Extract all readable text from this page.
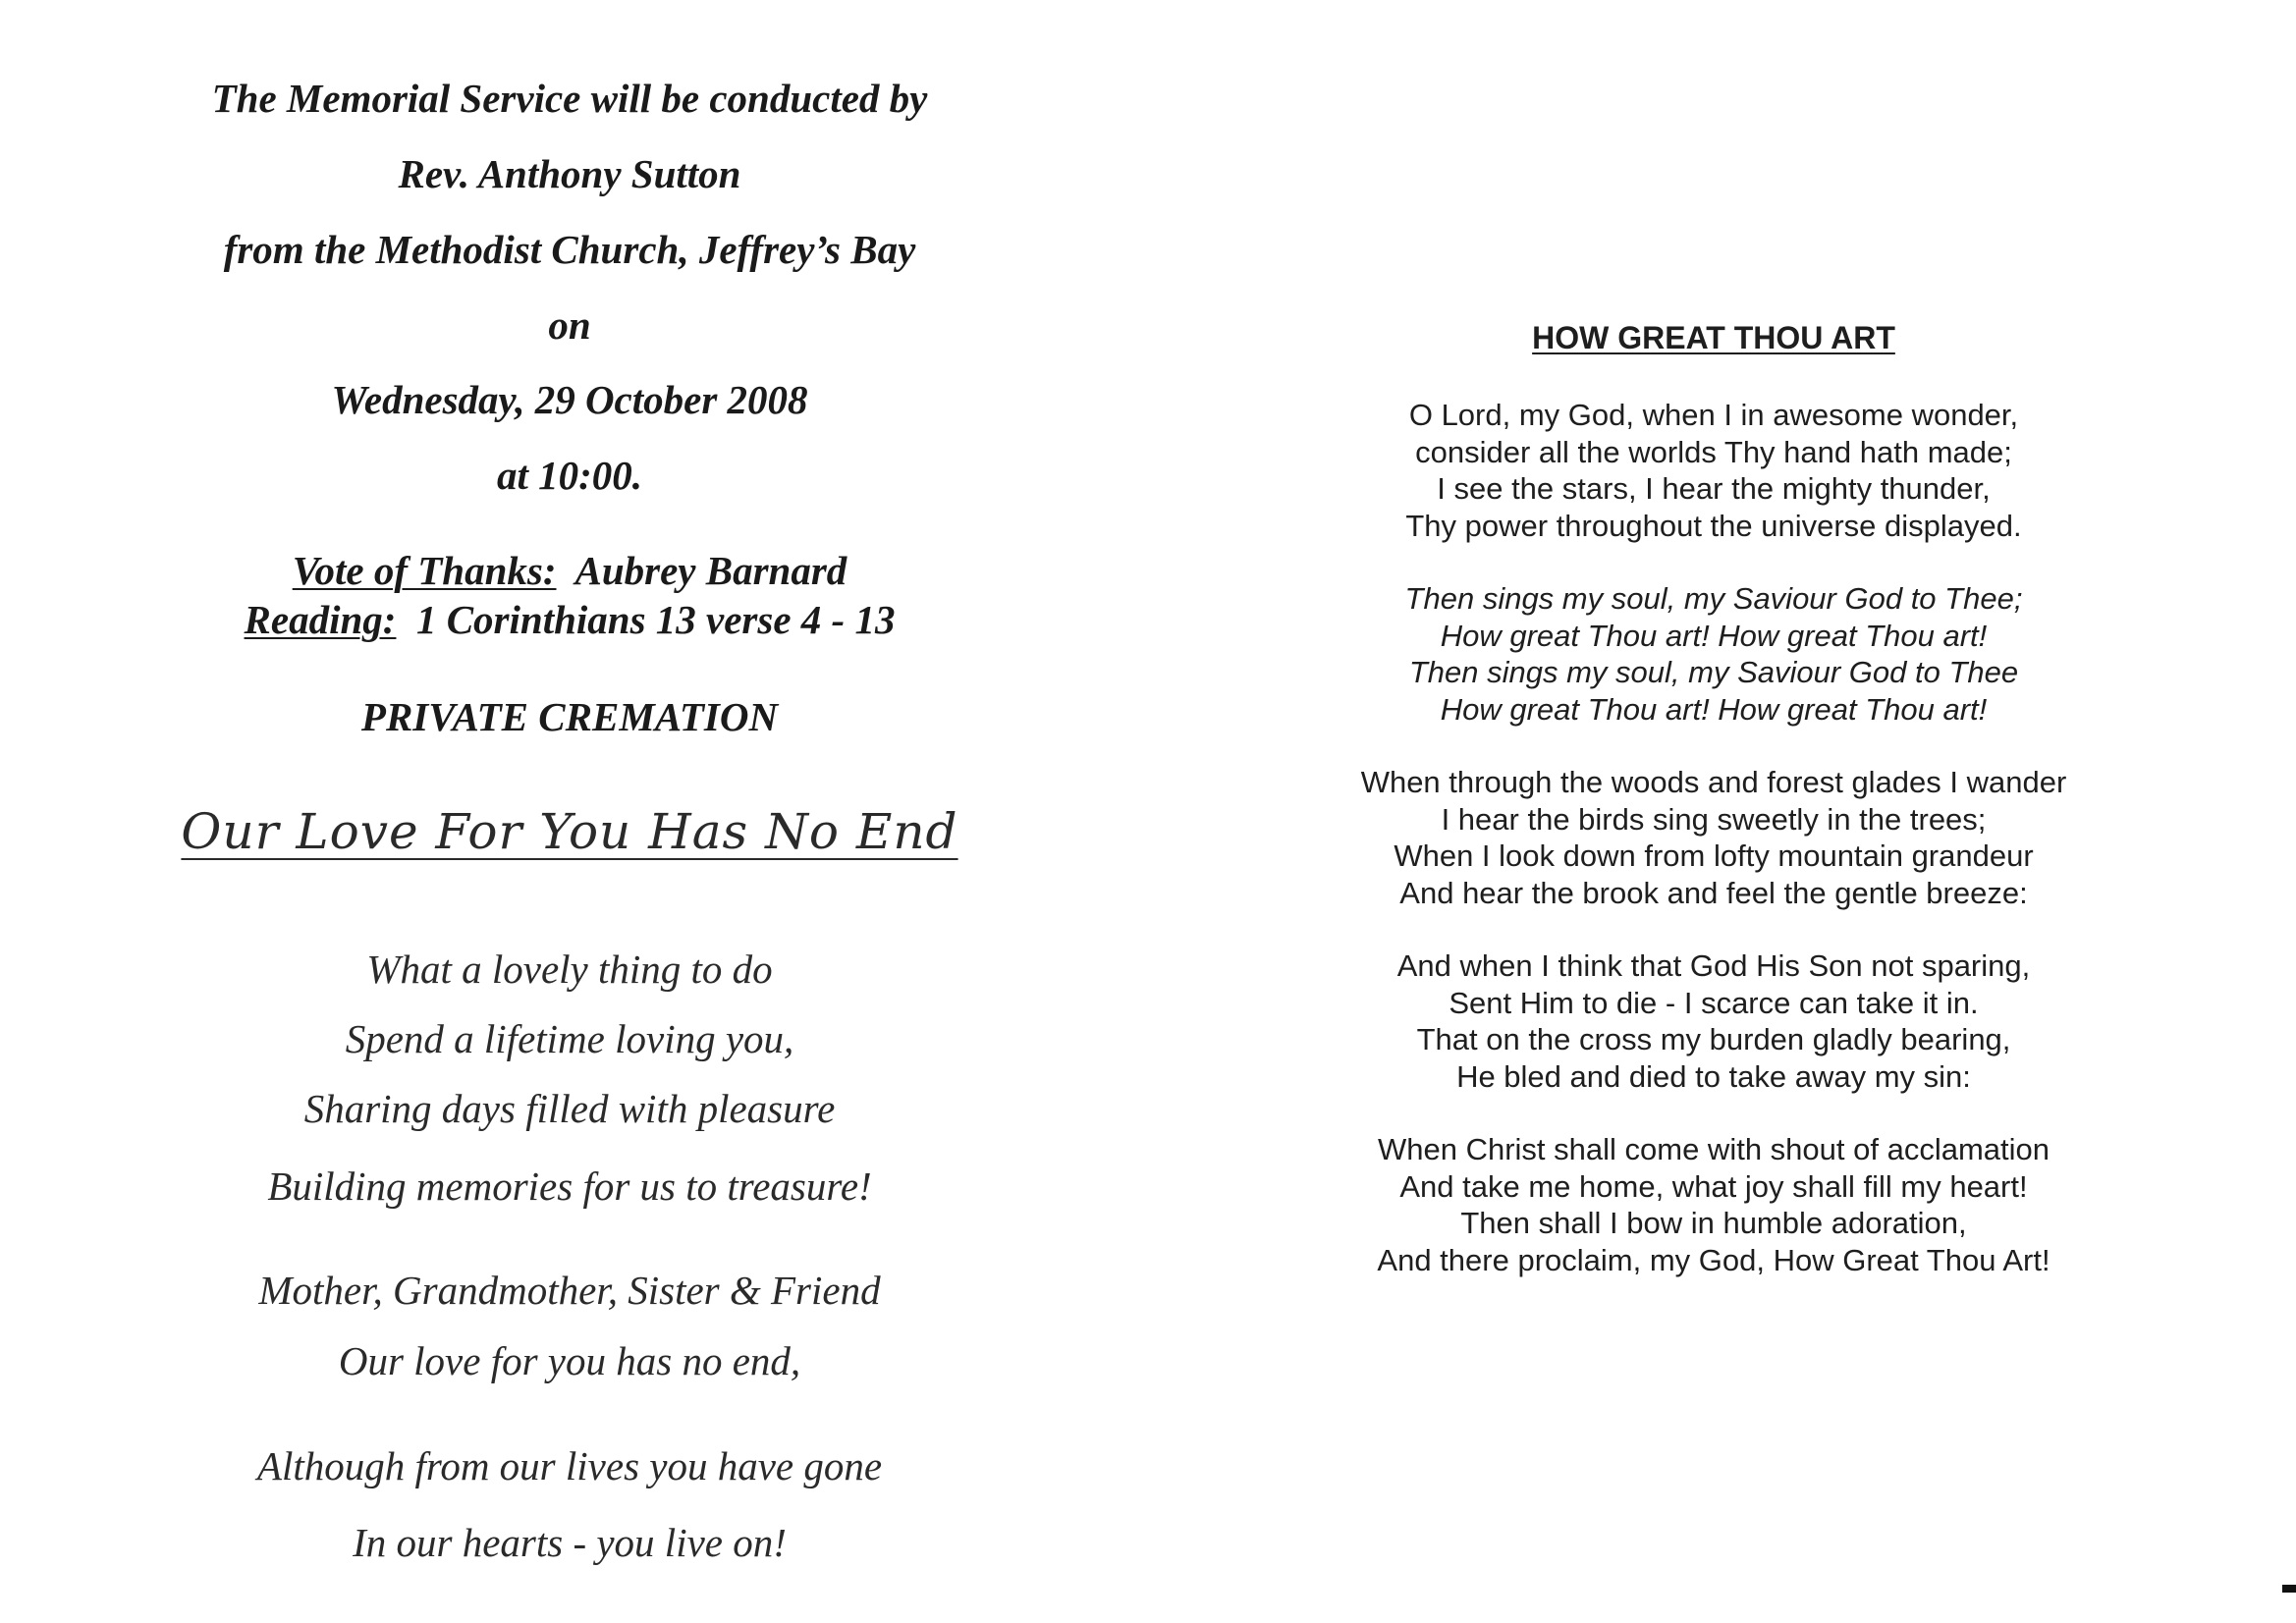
The Memorial Service will be conducted by
Rev. Anthony Sutton
from the Methodist Church, Jeffrey’s Bay
on
Wednesday, 29 October 2008
at 10:00.
Vote of Thanks: Aubrey Barnard
Reading: 1 Corinthians 13 verse 4 - 13
PRIVATE CREMATION
Our Love For You Has No End
What a lovely thing to do
Spend a lifetime loving you,
Sharing days filled with pleasure
Building memories for us to treasure!
Mother, Grandmother, Sister & Friend
Our love for you has no end,
Although from our lives you have gone
In our hearts - you live on!
HOW GREAT THOU ART
O Lord, my God, when I in awesome wonder,
consider all the worlds Thy hand hath made;
I see the stars, I hear the mighty thunder,
Thy power throughout the universe displayed.
Then sings my soul, my Saviour God to Thee;
How great Thou art! How great Thou art!
Then sings my soul, my Saviour God to Thee
How great Thou art! How great Thou art!
When through the woods and forest glades I wander
I hear the birds sing sweetly in the trees;
When I look down from lofty mountain grandeur
And hear the brook and feel the gentle breeze:
And when I think that God His Son not sparing,
Sent Him to die - I scarce can take it in.
That on the cross my burden gladly bearing,
He bled and died to take away my sin:
When Christ shall come with shout of acclamation
And take me home, what joy shall fill my heart!
Then shall I bow in humble adoration,
And there proclaim, my God, How Great Thou Art!
